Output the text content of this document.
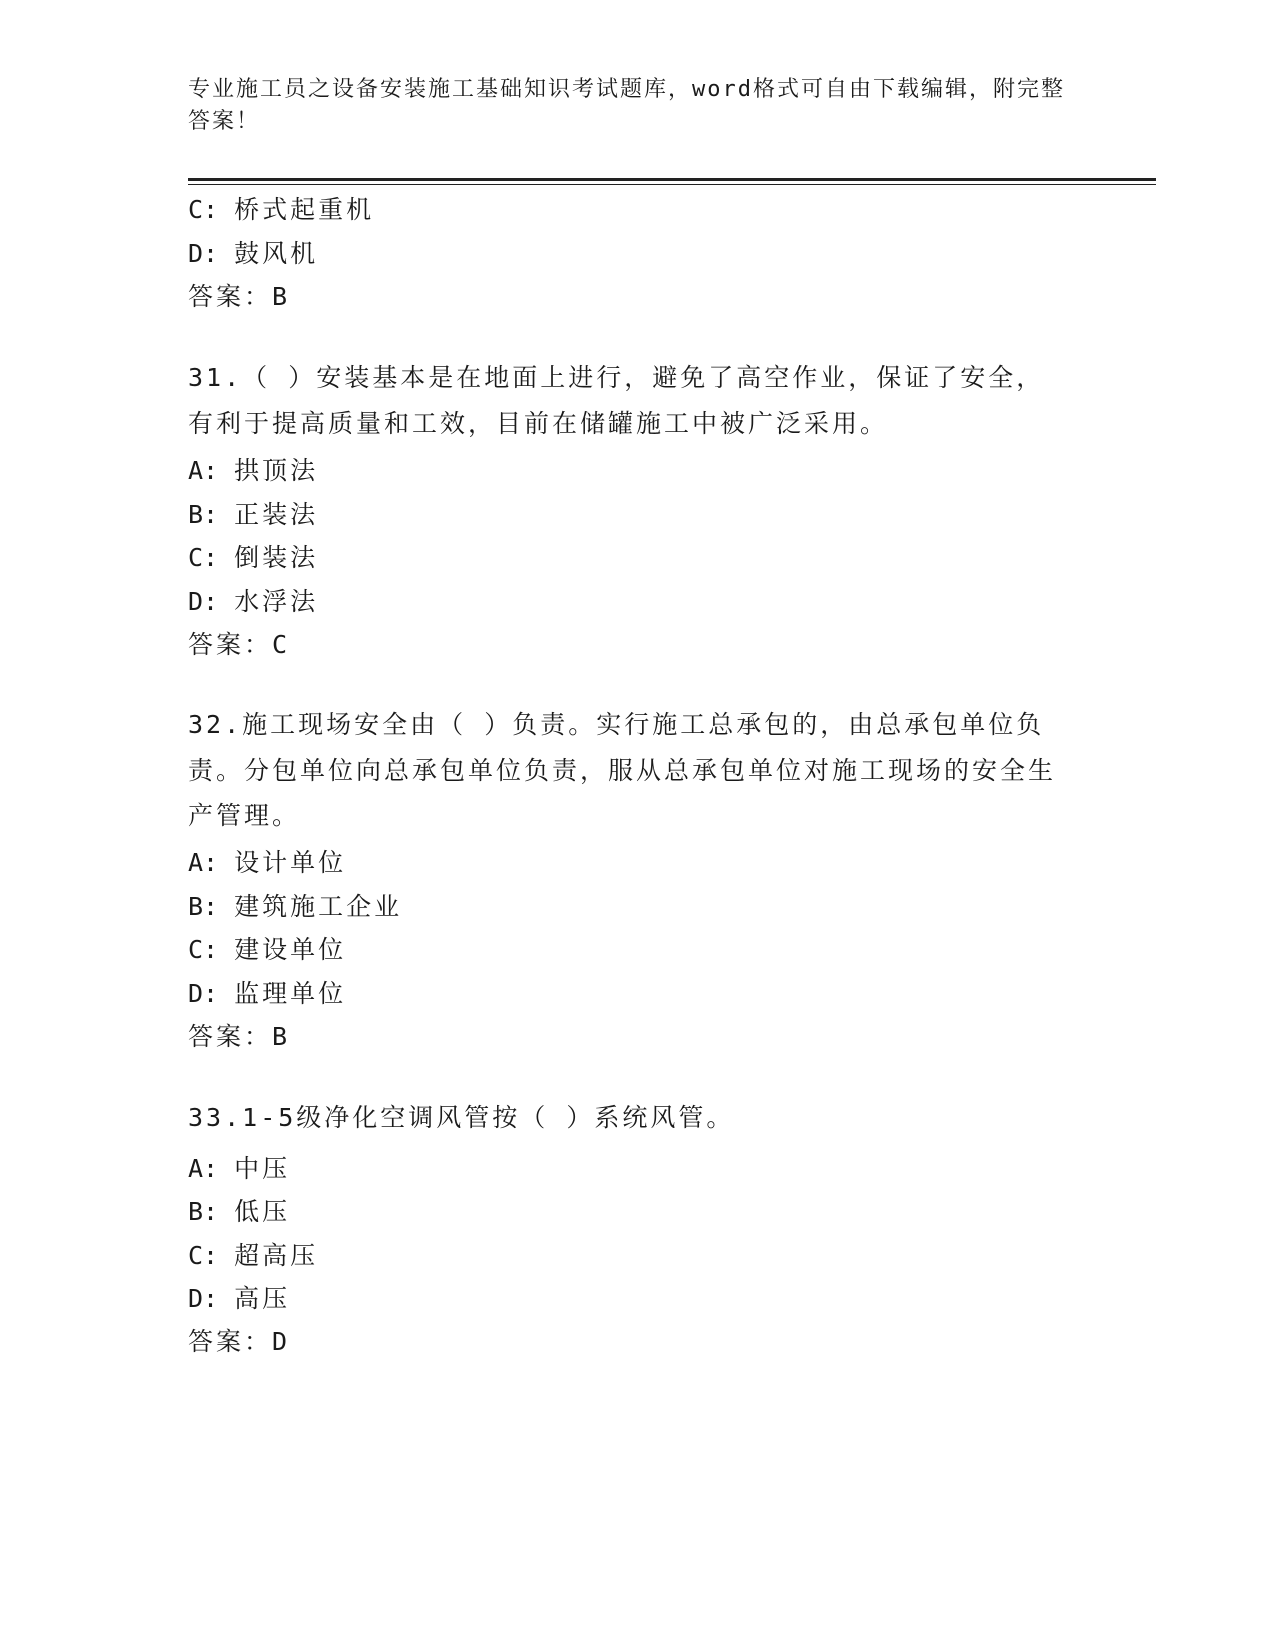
专业施工员之设备安装施工基础知识考试题库，word格式可自由下载编辑，附完整答案！
C: 桥式起重机
D: 鼓风机
答案：B
31.（ ）安装基本是在地面上进行，避免了高空作业，保证了安全，有利于提高质量和工效，目前在储罐施工中被广泛采用。
A: 拱顶法
B: 正装法
C: 倒装法
D: 水浮法
答案：C
32.施工现场安全由（ ）负责。实行施工总承包的，由总承包单位负责。分包单位向总承包单位负责，服从总承包单位对施工现场的安全生产管理。
A: 设计单位
B: 建筑施工企业
C: 建设单位
D: 监理单位
答案：B
33.1-5级净化空调风管按（ ）系统风管。
A: 中压
B: 低压
C: 超高压
D: 高压
答案：D
